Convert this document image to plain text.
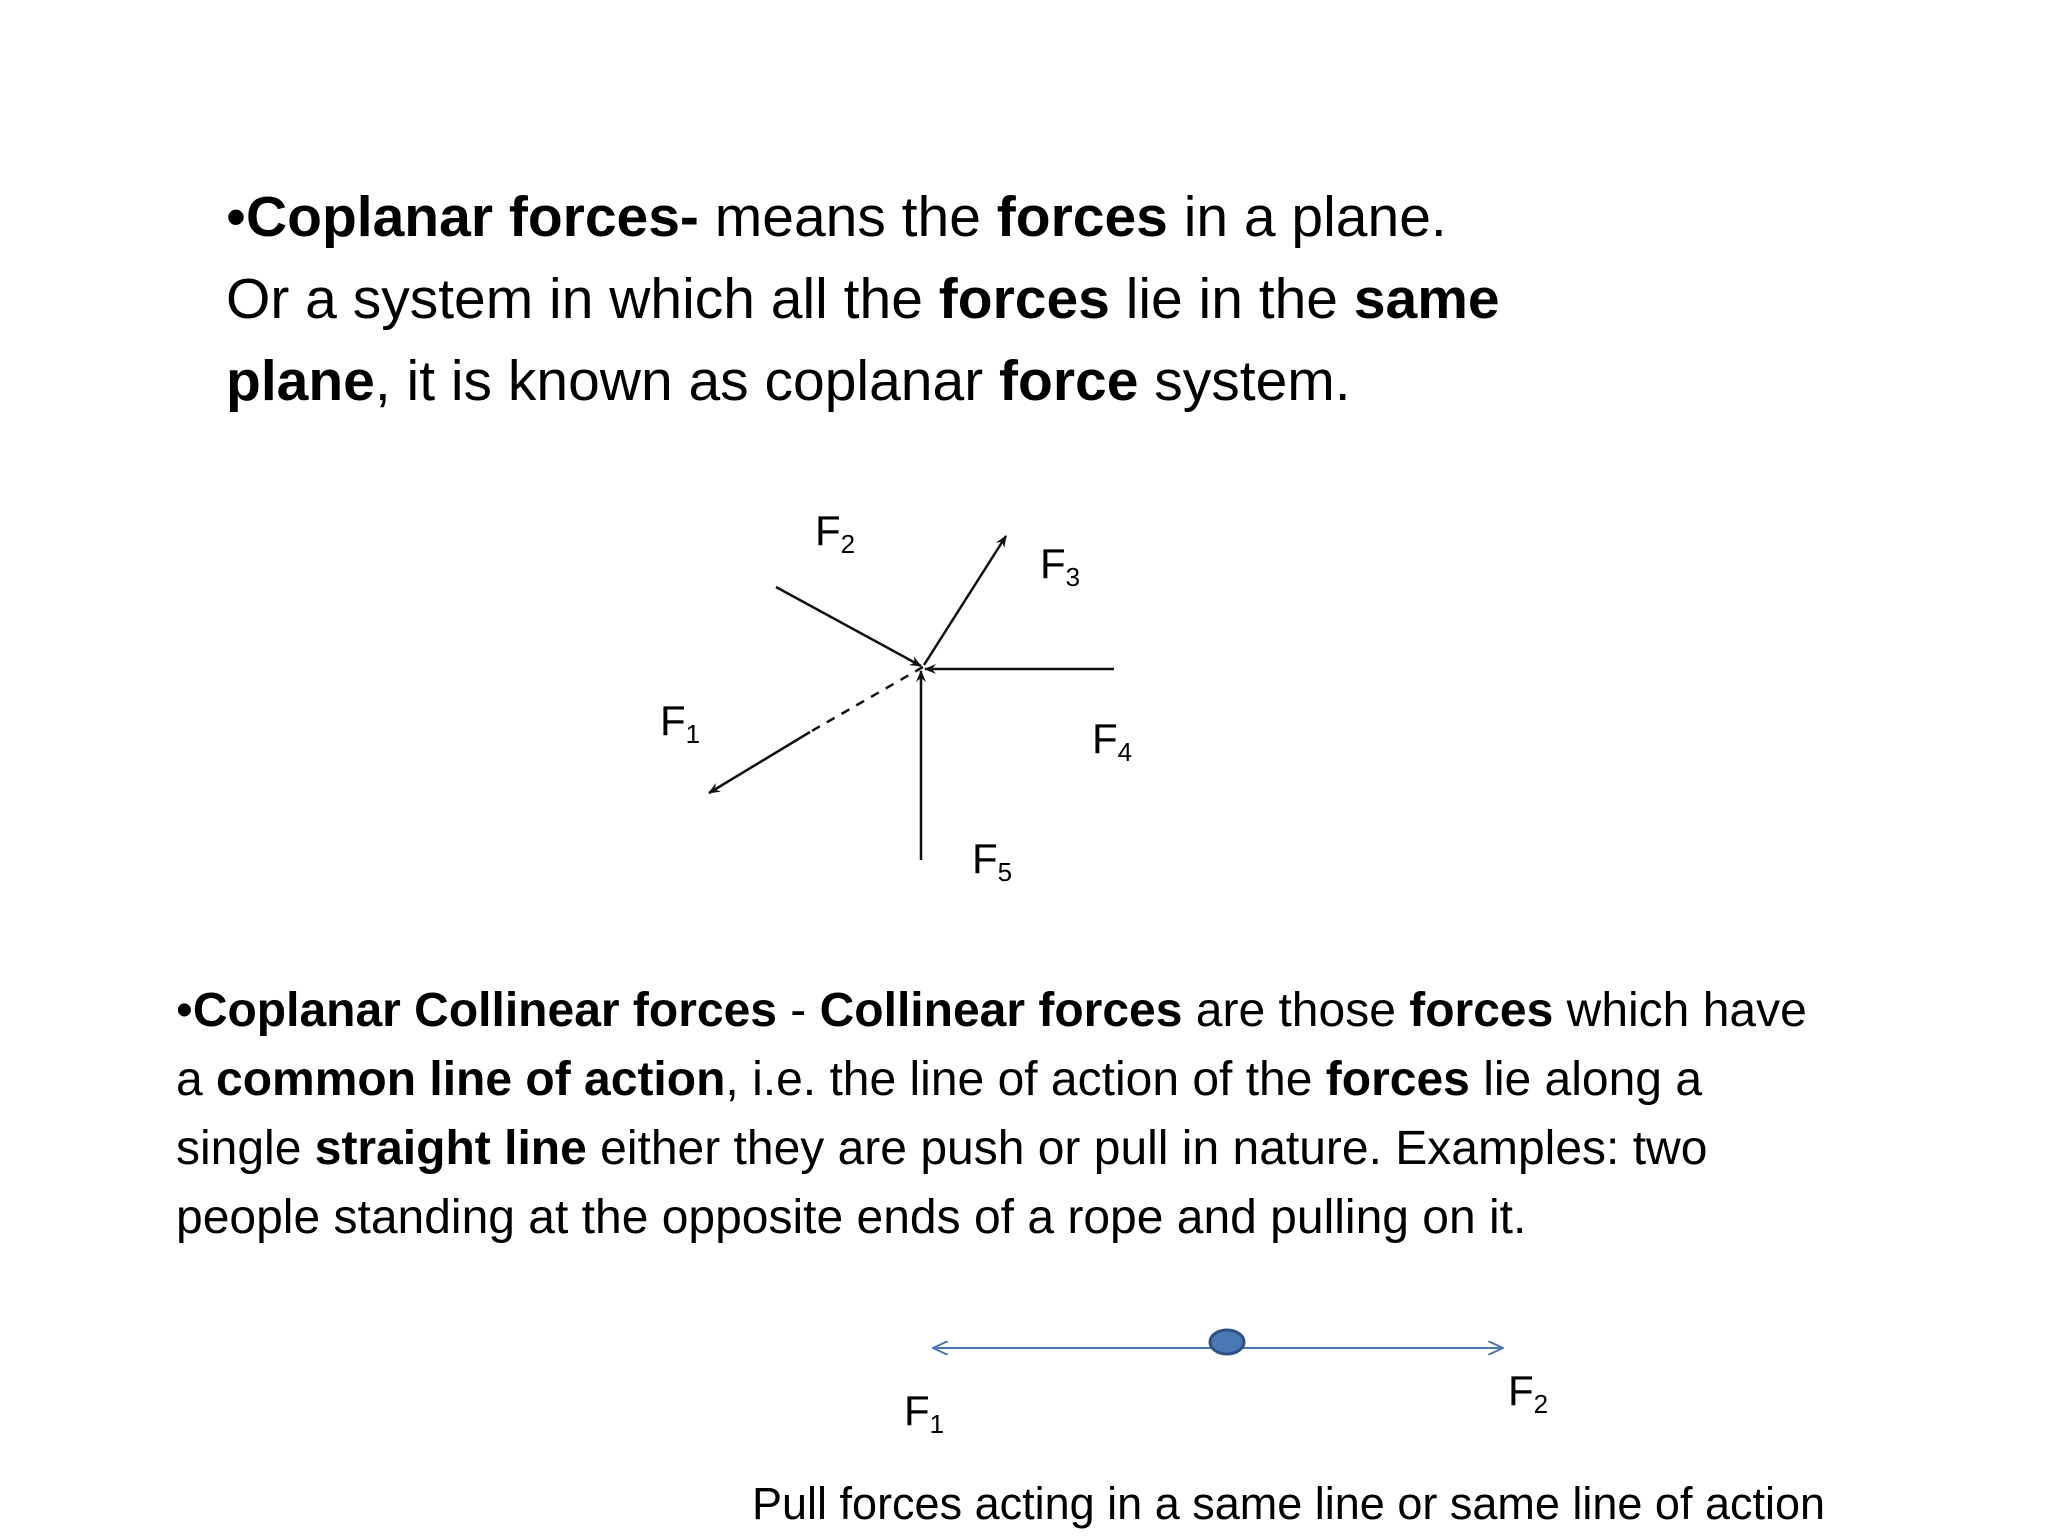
•Coplanar forces- means the forces in a plane.
Or a system in which all the forces lie in the same
plane, it is known as coplanar force system.
$F_1$
$F_2$	$F_3$
$F_4$
$F_5$
•Coplanar Collinear forces - Collinear forces are those forces which have
a common line of action, i.e. the line of action of the forces lie along a
single straight line either they are push or pull in nature. Examples: two
people standing at the opposite ends of a rope and pulling on it.
$F_1$
$F_2$
Pull forces acting in a same line or same line of action
